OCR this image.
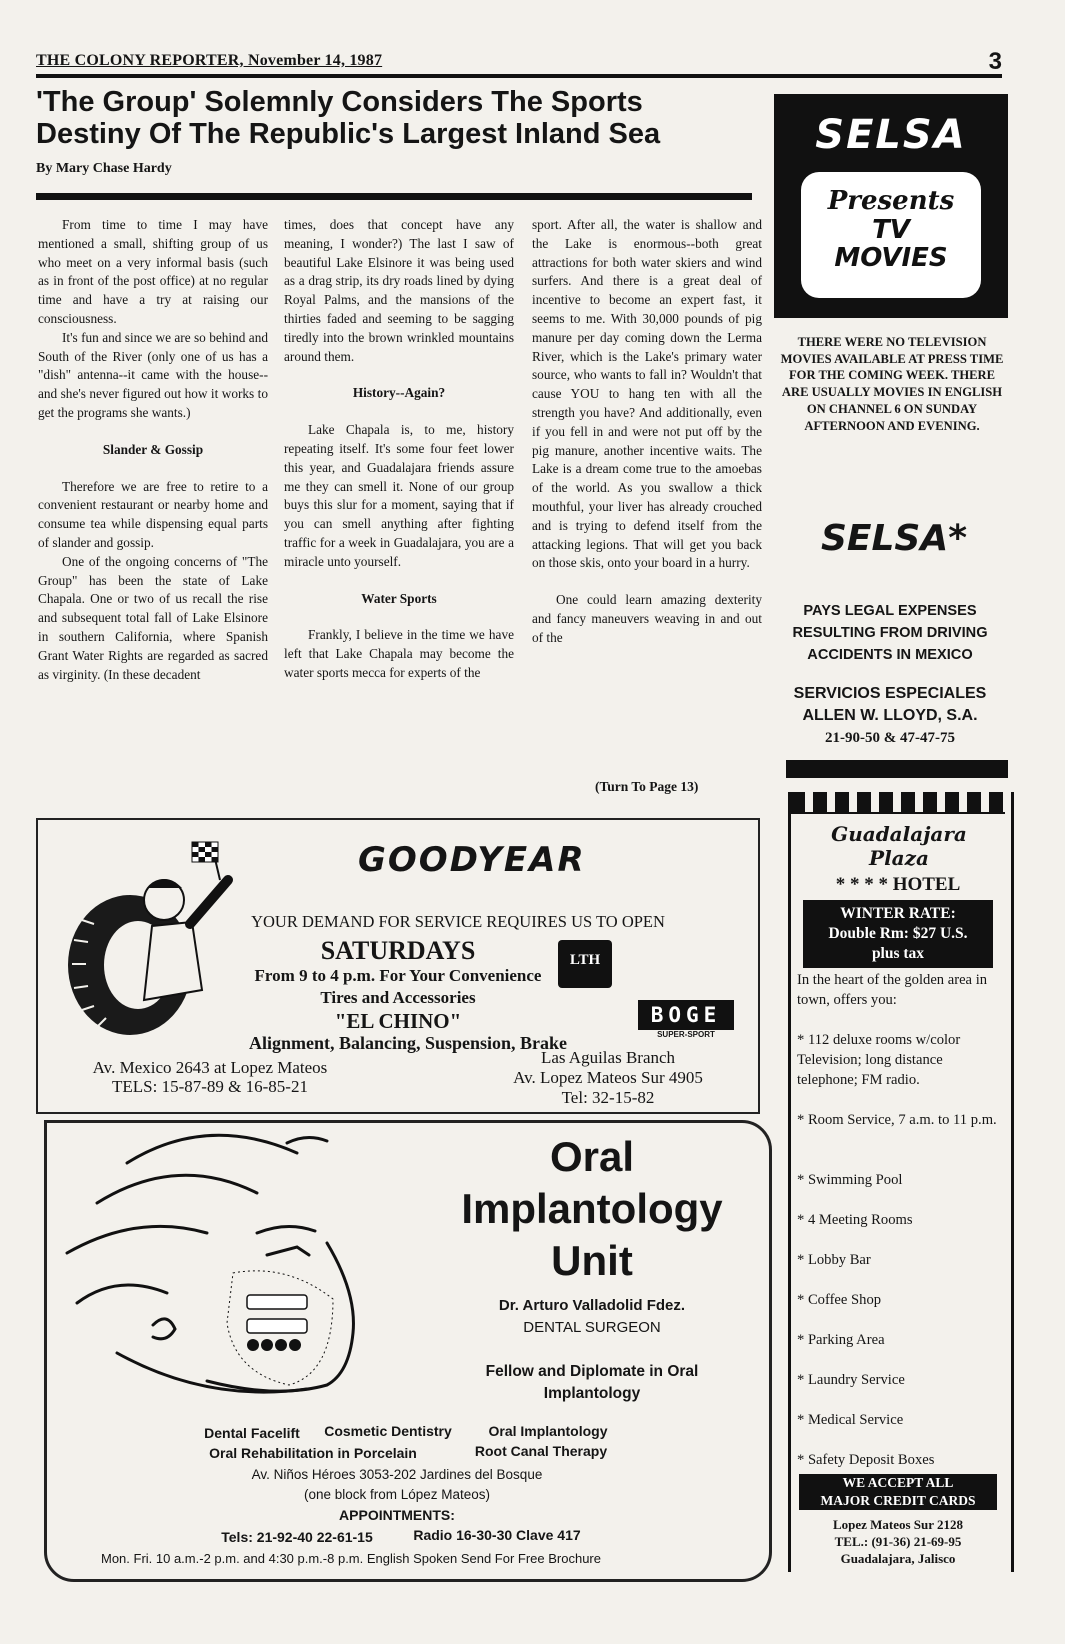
THE COLONY REPORTER, November 14, 1987	3
'The Group' Solemnly Considers The Sports
Destiny Of The Republic's Largest Inland Sea
By Mary Chase Hardy

From time to time I may have mentioned a small, shifting group of us who meet on a very informal basis (such as in front of the post office) at no regular time and have a try at raising our consciousness.

It's fun and since we are so behind and South of the River (only one of us has a "dish" antenna--it came with the house--and she's never figured out how it works to get the programs she wants.)

Slander & Gossip

Therefore we are free to retire to a convenient restaurant or nearby home and consume tea while dispensing equal parts of slander and gossip.

One of the ongoing concerns of "The Group" has been the state of Lake Chapala. One or two of us recall the rise and subsequent total fall of Lake Elsinore in southern California, where Spanish Grant Water Rights are regarded as sacred as virginity. (In these decadent

times, does that concept have any meaning, I wonder?) The last I saw of beautiful Lake Elsinore it was being used as a drag strip, its dry roads lined by dying Royal Palms, and the mansions of the thirties faded and seeming to be sagging tiredly into the brown wrinkled mountains around them.

History--Again?

Lake Chapala is, to me, history repeating itself. It's some four feet lower this year, and Guadalajara friends assure me they can smell it. None of our group buys this slur for a moment, saying that if you can smell anything after fighting traffic for a week in Guadalajara, you are a miracle unto yourself.

Water Sports

Frankly, I believe in the time we have left that Lake Chapala may become the water sports mecca for experts of the

sport. After all, the water is shallow and the Lake is enormous--both great attractions for both water skiers and wind surfers. And there is a great deal of incentive to become an expert fast, it seems to me. With 30,000 pounds of pig manure per day coming down the Lerma River, which is the Lake's primary water source, who wants to fall in? Wouldn't that cause YOU to hang ten with all the strength you have? And additionally, even if you fell in and were not put off by the pig manure, another incentive waits. The Lake is a dream come true to the amoebas of the world. As you swallow a thick mouthful, your liver has already crouched and is trying to defend itself from the attacking legions. That will get you back on those skis, onto your board in a hurry.

One could learn amazing dexterity and fancy maneuvers weaving in and out of the

(Turn To Page 13)
SELSA
Presents
TV
MOVIES
THERE WERE NO TELEVISION MOVIES AVAILABLE AT PRESS TIME FOR THE COMING WEEK. THERE ARE USUALLY MOVIES IN ENGLISH ON CHANNEL 6 ON SUNDAY AFTERNOON AND EVENING.
SELSA*
PAYS LEGAL EXPENSES RESULTING FROM DRIVING ACCIDENTS IN MEXICO
SERVICIOS ESPECIALES
ALLEN W. LLOYD, S.A.
21-90-50 & 47-47-75
GOODYEAR
YOUR DEMAND FOR SERVICE REQUIRES US TO OPEN
SATURDAYS
From 9 to 4 p.m. For Your Convenience
Tires and Accessories
"EL CHINO"
Alignment, Balancing, Suspension, Brake
Av. Mexico 2643 at Lopez Mateos
TELS: 15-87-89 & 16-85-21
Las Aguilas Branch
Av. Lopez Mateos Sur 4905
Tel: 32-15-82
LTH
BOGE
SUPER-SPORT
Oral
Implantology
Unit
Dr. Arturo Valladolid Fdez.
DENTAL SURGEON
Fellow and Diplomate in Oral
Implantology
Dental Facelift	Cosmetic Dentistry	Oral Implantology
Oral Rehabilitation in Porcelain	Root Canal Therapy
Av. Niños Héroes 3053-202 Jardines del Bosque
(one block from López Mateos)
APPOINTMENTS:
Tels: 21-92-40 22-61-15	Radio 16-30-30 Clave 417
Mon. Fri. 10 a.m.-2 p.m. and 4:30 p.m.-8 p.m. English Spoken Send For Free Brochure
Guadalajara Plaza
* * * * HOTEL
WINTER RATE:
Double Rm: $27 U.S.
plus tax
In the heart of the golden area in town, offers you:
* 112 deluxe rooms w/color Television; long distance telephone; FM radio.
* Room Service, 7 a.m. to 11 p.m.
* Swimming Pool
* 4 Meeting Rooms
* Lobby Bar
* Coffee Shop
* Parking Area
* Laundry Service
* Medical Service
* Safety Deposit Boxes
WE ACCEPT ALL
MAJOR CREDIT CARDS
Lopez Mateos Sur 2128
TEL.: (91-36) 21-69-95
Guadalajara, Jalisco
